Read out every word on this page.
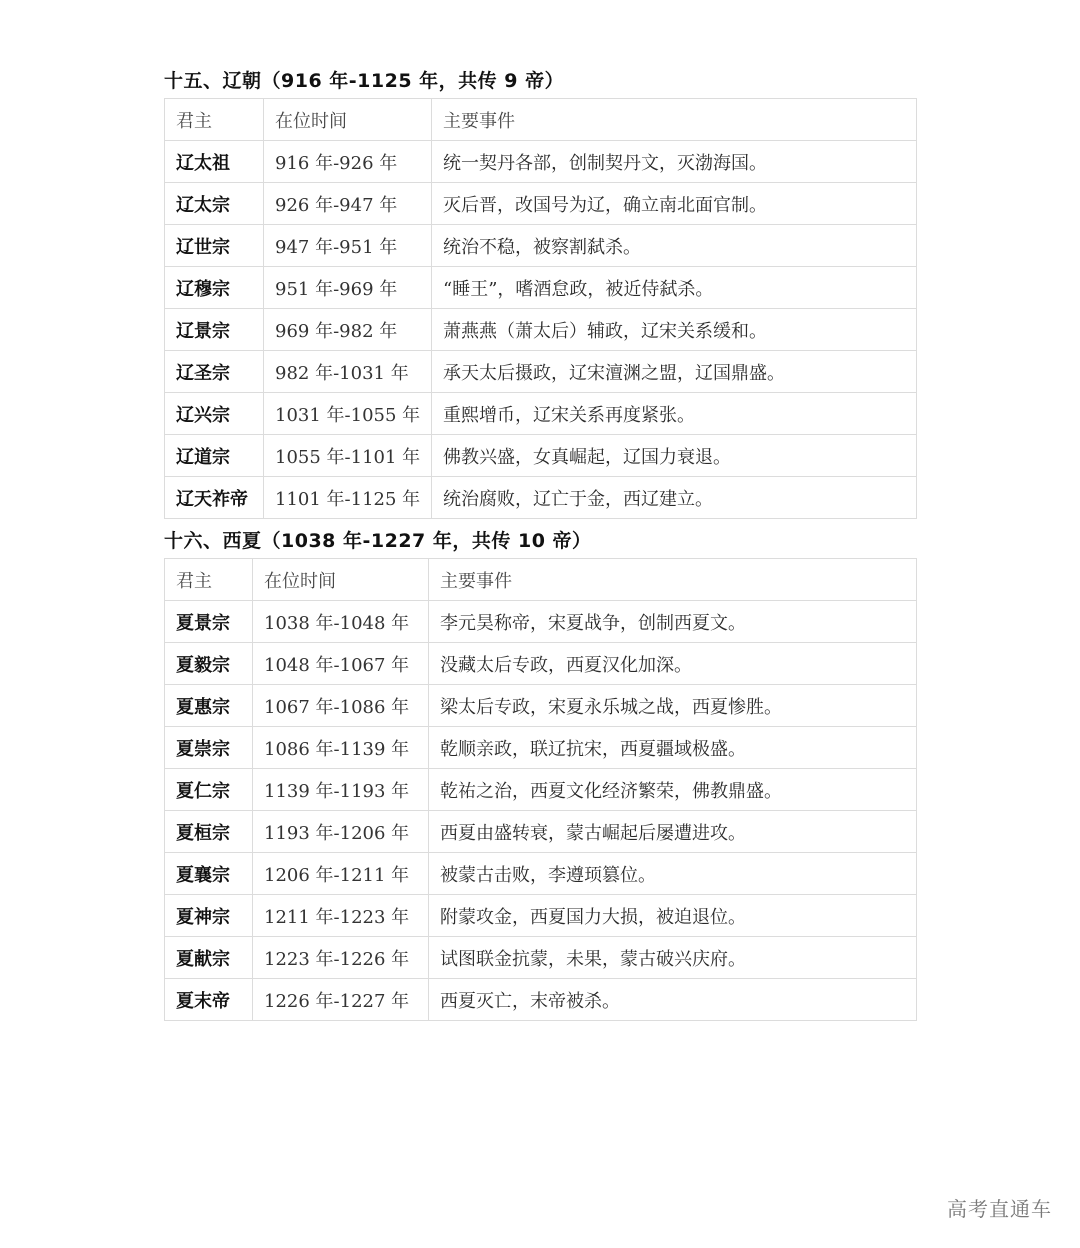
十五、辽朝（916 年-1125 年，共传 9 帝）
君主	在位时间	主要事件
辽太祖	916 年-926 年	统一契丹各部，创制契丹文，灭渤海国。
辽太宗	926 年-947 年	灭后晋，改国号为辽，确立南北面官制。
辽世宗	947 年-951 年	统治不稳，被察割弑杀。
辽穆宗	951 年-969 年	“睡王”，嗜酒怠政，被近侍弑杀。
辽景宗	969 年-982 年	萧燕燕（萧太后）辅政，辽宋关系缓和。
辽圣宗	982 年-1031 年	承天太后摄政，辽宋澶渊之盟，辽国鼎盛。
辽兴宗	1031 年-1055 年	重熙增币，辽宋关系再度紧张。
辽道宗	1055 年-1101 年	佛教兴盛，女真崛起，辽国力衰退。
辽天祚帝	1101 年-1125 年	统治腐败，辽亡于金，西辽建立。
十六、西夏（1038 年-1227 年，共传 10 帝）
君主	在位时间	主要事件
夏景宗	1038 年-1048 年	李元昊称帝，宋夏战争，创制西夏文。
夏毅宗	1048 年-1067 年	没藏太后专政，西夏汉化加深。
夏惠宗	1067 年-1086 年	梁太后专政，宋夏永乐城之战，西夏惨胜。
夏崇宗	1086 年-1139 年	乾顺亲政，联辽抗宋，西夏疆域极盛。
夏仁宗	1139 年-1193 年	乾祐之治，西夏文化经济繁荣，佛教鼎盛。
夏桓宗	1193 年-1206 年	西夏由盛转衰，蒙古崛起后屡遭进攻。
夏襄宗	1206 年-1211 年	被蒙古击败，李遵顼篡位。
夏神宗	1211 年-1223 年	附蒙攻金，西夏国力大损，被迫退位。
夏献宗	1223 年-1226 年	试图联金抗蒙，未果，蒙古破兴庆府。
夏末帝	1226 年-1227 年	西夏灭亡，末帝被杀。
高考直通车
